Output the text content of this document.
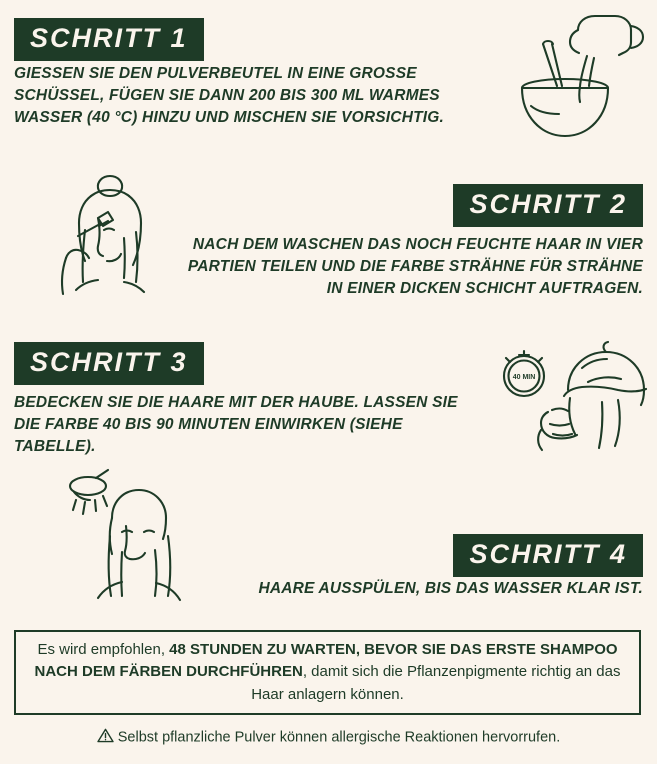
SCHRITT 1
GIESSEN SIE DEN PULVERBEUTEL IN EINE GROSSE SCHÜSSEL, FÜGEN SIE DANN 200 BIS 300 ML WARMES WASSER (40 °C) HINZU UND MISCHEN SIE VORSICHTIG.
SCHRITT 2
NACH DEM WASCHEN DAS NOCH FEUCHTE HAAR IN VIER PARTIEN TEILEN UND DIE FARBE STRÄHNE FÜR STRÄHNE IN EINER DICKEN SCHICHT AUFTRAGEN.
SCHRITT 3
BEDECKEN SIE DIE HAARE MIT DER HAUBE. LASSEN SIE DIE FARBE 40 BIS 90 MINUTEN EINWIRKEN (SIEHE TABELLE).
40 MIN
SCHRITT 4
HAARE AUSSPÜLEN, BIS DAS WASSER KLAR IST.

Es wird empfohlen, 48 STUNDEN ZU WARTEN, BEVOR SIE DAS ERSTE SHAMPOO NACH DEM FÄRBEN DURCHFÜHREN, damit sich die Pflanzenpigmente richtig an das Haar anlagern können.

Selbst pflanzliche Pulver können allergische Reaktionen hervorrufen.
